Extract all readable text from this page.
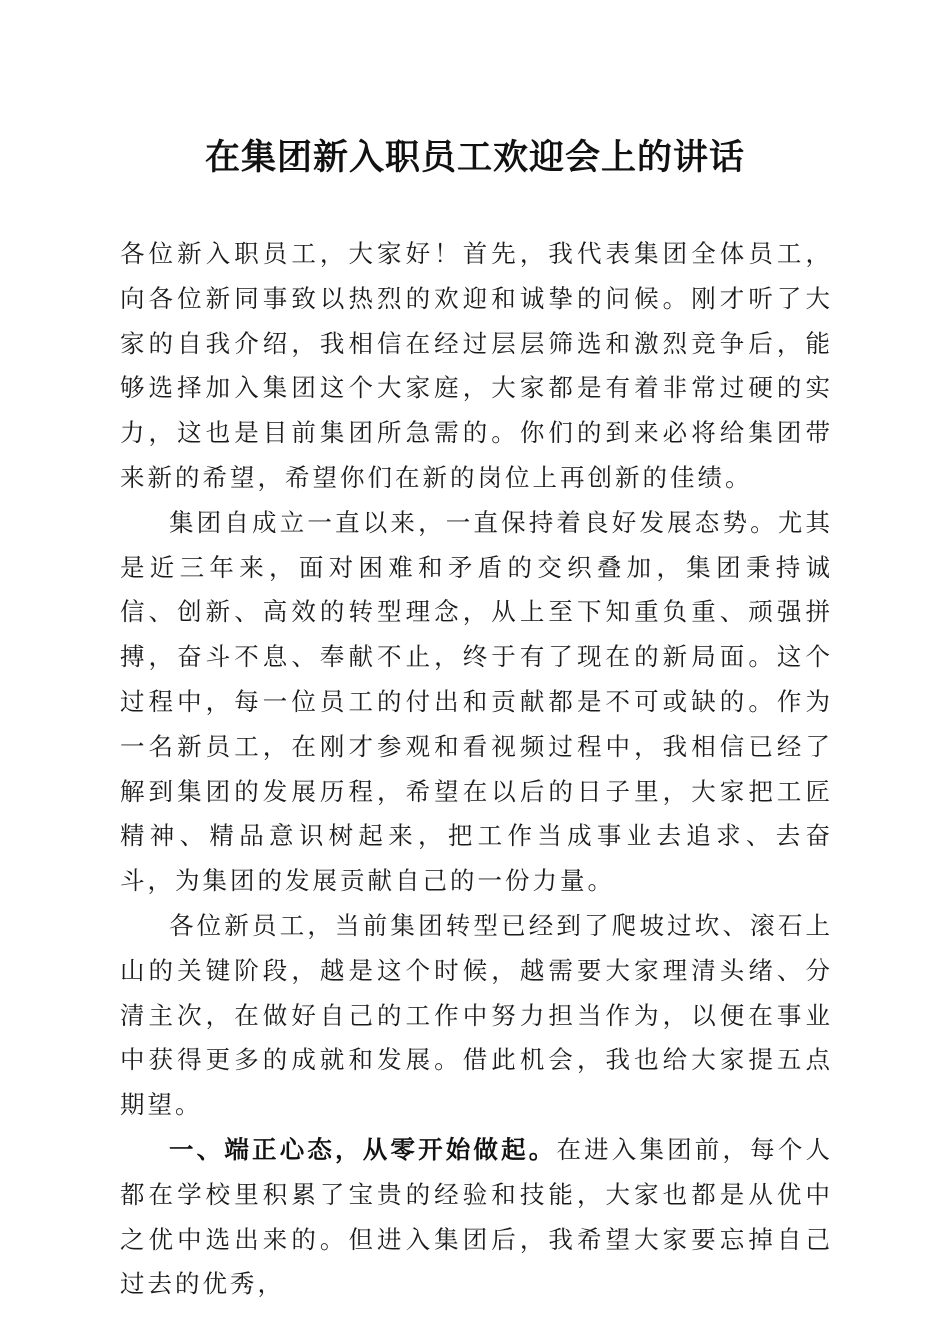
在集团新入职员工欢迎会上的讲话

各位新入职员工，大家好！首先，我代表集团全体员工，向各位新同事致以热烈的欢迎和诚挚的问候。刚才听了大家的自我介绍，我相信在经过层层筛选和激烈竞争后，能够选择加入集团这个大家庭，大家都是有着非常过硬的实力，这也是目前集团所急需的。你们的到来必将给集团带来新的希望，希望你们在新的岗位上再创新的佳绩。

集团自成立一直以来，一直保持着良好发展态势。尤其是近三年来，面对困难和矛盾的交织叠加，集团秉持诚信、创新、高效的转型理念，从上至下知重负重、顽强拼搏，奋斗不息、奉献不止，终于有了现在的新局面。这个过程中，每一位员工的付出和贡献都是不可或缺的。作为一名新员工，在刚才参观和看视频过程中，我相信已经了解到集团的发展历程，希望在以后的日子里，大家把工匠精神、精品意识树起来，把工作当成事业去追求、去奋斗，为集团的发展贡献自己的一份力量。

各位新员工，当前集团转型已经到了爬坡过坎、滚石上山的关键阶段，越是这个时候，越需要大家理清头绪、分清主次，在做好自己的工作中努力担当作为，以便在事业中获得更多的成就和发展。借此机会，我也给大家提五点期望。

一、端正心态，从零开始做起。在进入集团前，每个人都在学校里积累了宝贵的经验和技能，大家也都是从优中之优中选出来的。但进入集团后，我希望大家要忘掉自己过去的优秀，
